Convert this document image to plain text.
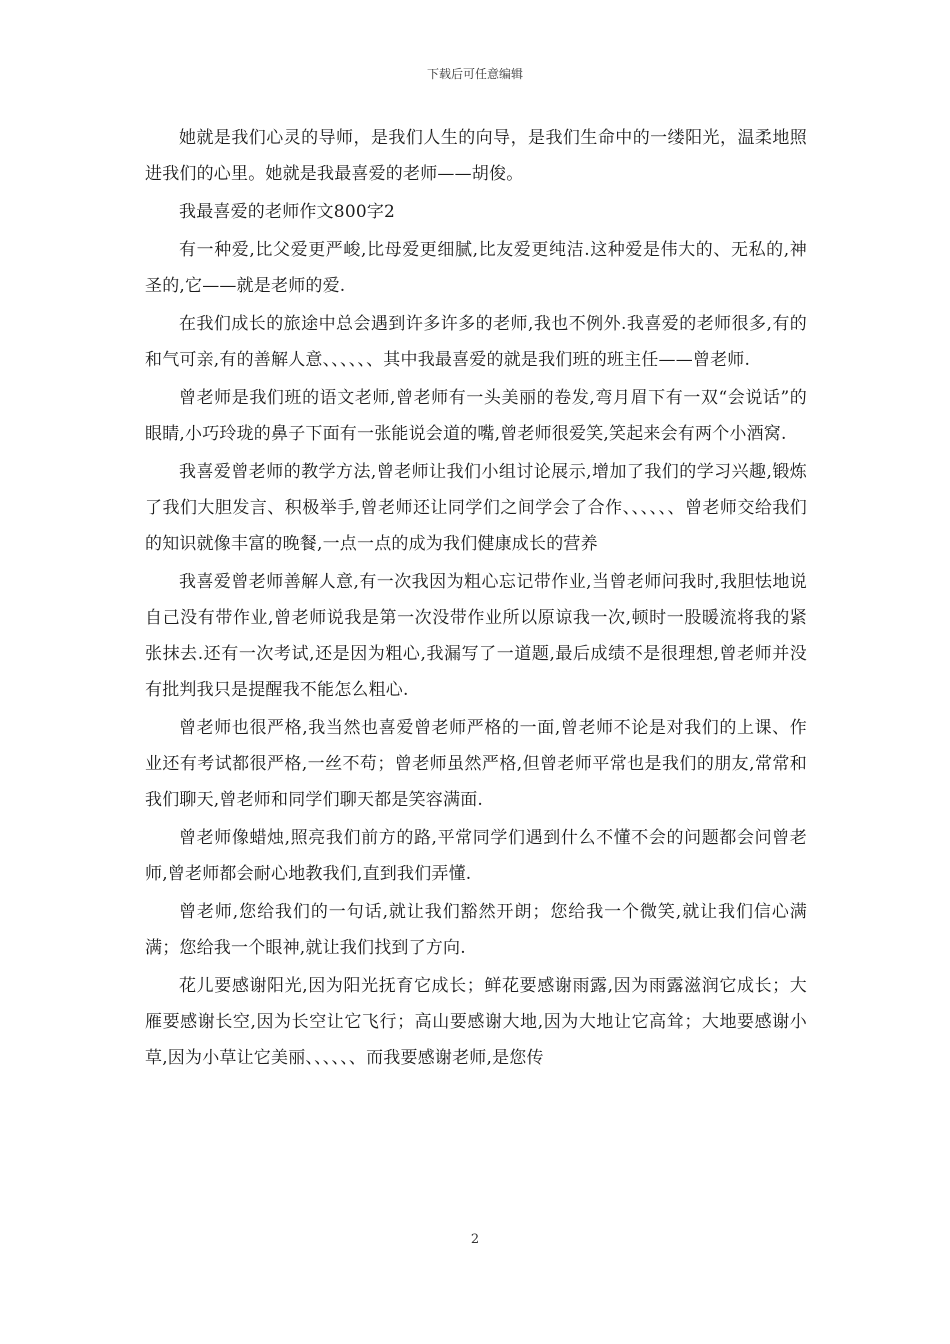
下载后可任意编辑

她就是我们心灵的导师，是我们人生的向导，是我们生命中的一缕阳光，温柔地照进我们的心里。她就是我最喜爱的老师——胡俊。

我最喜爱的老师作文800字2

有一种爱,比父爱更严峻,比母爱更细腻,比友爱更纯洁.这种爱是伟大的、无私的,神圣的,它——就是老师的爱.

在我们成长的旅途中总会遇到许多许多的老师,我也不例外.我喜爱的老师很多,有的和气可亲,有的善解人意、、、、、、其中我最喜爱的就是我们班的班主任——曾老师.

曾老师是我们班的语文老师,曾老师有一头美丽的卷发,弯月眉下有一双“会说话”的眼睛,小巧玲珑的鼻子下面有一张能说会道的嘴,曾老师很爱笑,笑起来会有两个小酒窝.

我喜爱曾老师的教学方法,曾老师让我们小组讨论展示,增加了我们的学习兴趣,锻炼了我们大胆发言、积极举手,曾老师还让同学们之间学会了合作、、、、、、曾老师交给我们的知识就像丰富的晚餐,一点一点的成为我们健康成长的营养

我喜爱曾老师善解人意,有一次我因为粗心忘记带作业,当曾老师问我时,我胆怯地说自己没有带作业,曾老师说我是第一次没带作业所以原谅我一次,顿时一股暖流将我的紧张抹去.还有一次考试,还是因为粗心,我漏写了一道题,最后成绩不是很理想,曾老师并没有批判我只是提醒我不能怎么粗心.

曾老师也很严格,我当然也喜爱曾老师严格的一面,曾老师不论是对我们的上课、作业还有考试都很严格,一丝不苟；曾老师虽然严格,但曾老师平常也是我们的朋友,常常和我们聊天,曾老师和同学们聊天都是笑容满面.

曾老师像蜡烛,照亮我们前方的路,平常同学们遇到什么不懂不会的问题都会问曾老师,曾老师都会耐心地教我们,直到我们弄懂.

曾老师,您给我们的一句话,就让我们豁然开朗；您给我一个微笑,就让我们信心满满；您给我一个眼神,就让我们找到了方向.

花儿要感谢阳光,因为阳光抚育它成长；鲜花要感谢雨露,因为雨露滋润它成长；大雁要感谢长空,因为长空让它飞行；高山要感谢大地,因为大地让它高耸；大地要感谢小草,因为小草让它美丽、、、、、、而我要感谢老师,是您传

2
